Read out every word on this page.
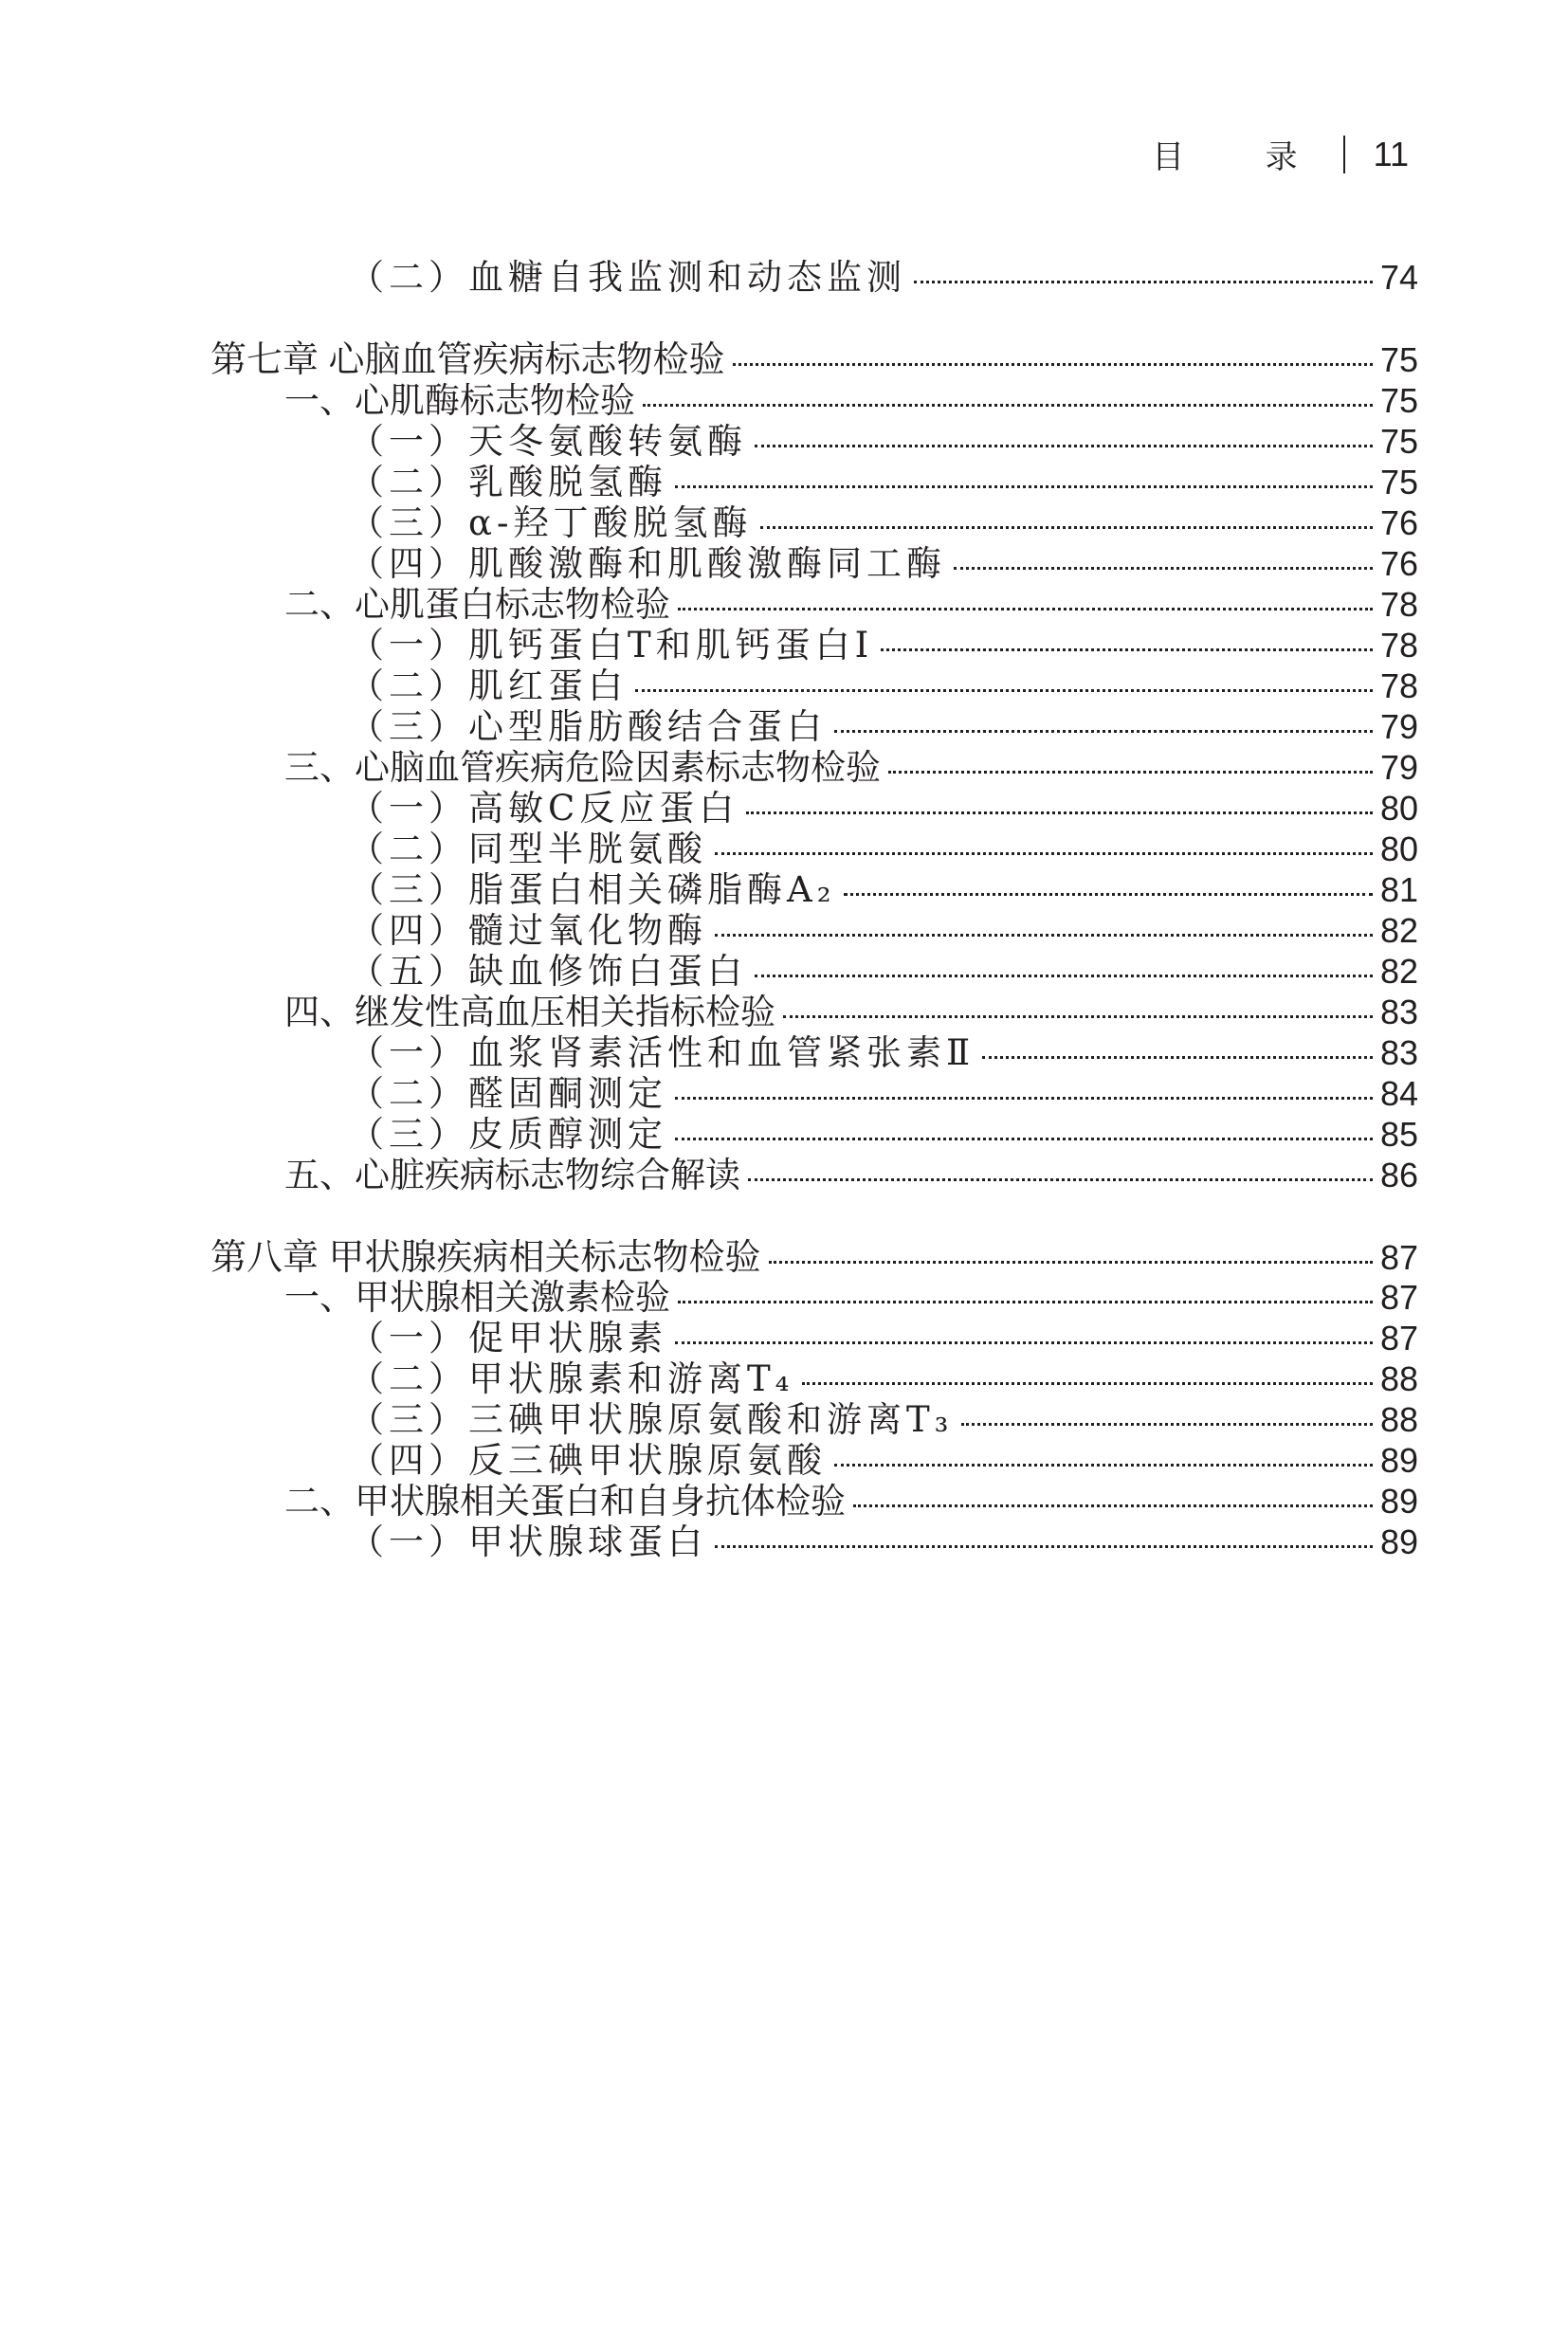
目 录 11
（二）血糖自我监测和动态监测	74
第七章 心脑血管疾病标志物检验	75
一、心肌酶标志物检验	75
（一）天冬氨酸转氨酶	75
（二）乳酸脱氢酶	75
（三）α-羟丁酸脱氢酶	76
（四）肌酸激酶和肌酸激酶同工酶	76
二、心肌蛋白标志物检验	78
（一）肌钙蛋白T和肌钙蛋白I	78
（二）肌红蛋白	78
（三）心型脂肪酸结合蛋白	79
三、心脑血管疾病危险因素标志物检验	79
（一）高敏C反应蛋白	80
（二）同型半胱氨酸	80
（三）脂蛋白相关磷脂酶A₂	81
（四）髓过氧化物酶	82
（五）缺血修饰白蛋白	82
四、继发性高血压相关指标检验	83
（一）血浆肾素活性和血管紧张素Ⅱ	83
（二）醛固酮测定	84
（三）皮质醇测定	85
五、心脏疾病标志物综合解读	86
第八章 甲状腺疾病相关标志物检验	87
一、甲状腺相关激素检验	87
（一）促甲状腺素	87
（二）甲状腺素和游离T₄	88
（三）三碘甲状腺原氨酸和游离T₃	88
（四）反三碘甲状腺原氨酸	89
二、甲状腺相关蛋白和自身抗体检验	89
（一）甲状腺球蛋白	89
